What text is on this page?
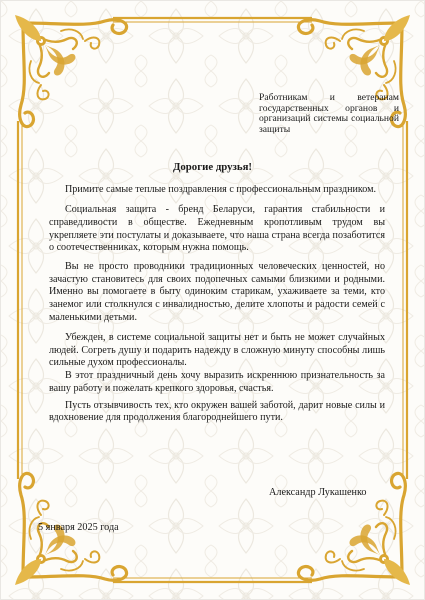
Работникам и ветеранам государственных органов и организаций системы социальной защиты
Дорогие друзья!

Примите самые теплые поздравления с профессиональным праздником.

Социальная защита - бренд Беларуси, гарантия стабильности и справедливости в обществе. Ежедневным кропотливым трудом вы укрепляете эти постулаты и доказываете, что наша страна всегда позаботится о соотечественниках, которым нужна помощь.

Вы не просто проводники традиционных человеческих ценностей, но зачастую становитесь для своих подопечных самыми близкими и родными. Именно вы помогаете в быту одиноким старикам, ухаживаете за теми, кто занемог или столкнулся с инвалидностью, делите хлопоты и радости семей с маленькими детьми.

Убежден, в системе социальной защиты нет и быть не может случайных людей. Согреть душу и подарить надежду в сложную минуту способны лишь сильные духом профессионалы.

В этот праздничный день хочу выразить искреннюю признательность за вашу работу и пожелать крепкого здоровья, счастья.

Пусть отзывчивость тех, кто окружен вашей заботой, дарит новые силы и вдохновение для продолжения благороднейшего пути.

Александр Лукашенко
5 января 2025 года
